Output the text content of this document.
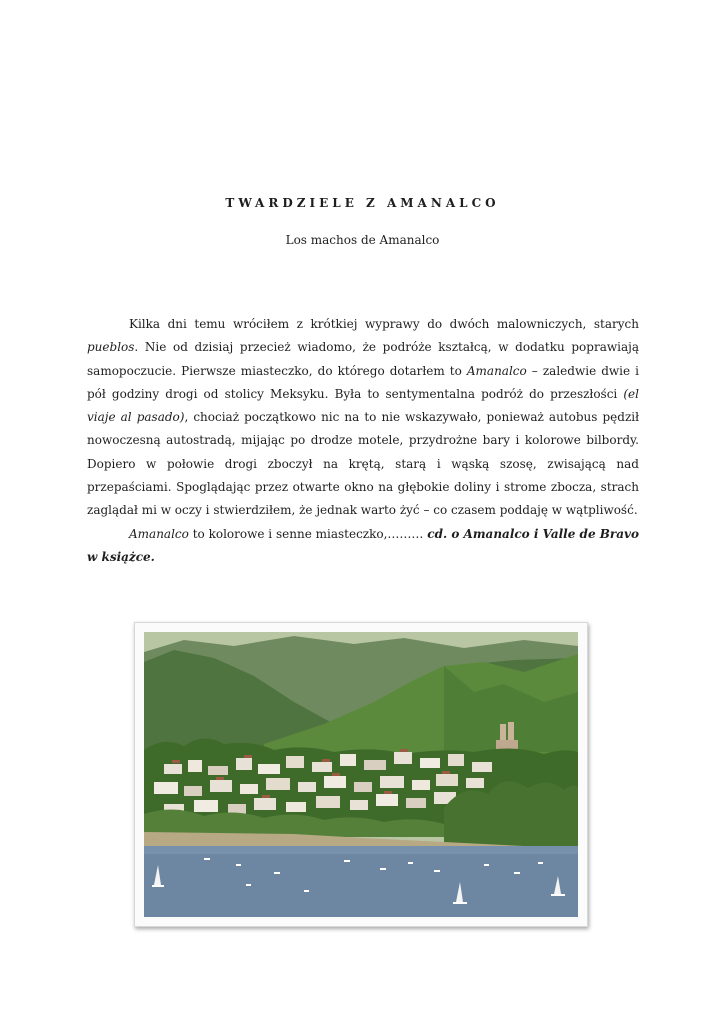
TWARDZIELE Z AMANALCO
Los machos de Amanalco

Kilka dni temu wróciłem z krótkiej wyprawy do dwóch malowniczych, starych pueblos. Nie od dzisiaj przecież wiadomo, że podróże kształcą, w dodatku poprawiają samopoczucie. Pierwsze miasteczko, do którego dotarłem to Amanalco – zaledwie dwie i pół godziny drogi od stolicy Meksyku. Była to sentymentalna podróż do przeszłości (el viaje al pasado), chociaż początkowo nic na to nie wskazywało, ponieważ autobus pędził nowoczesną autostradą, mijając po drodze motele, przydrożne bary i kolorowe bilbordy. Dopiero w połowie drogi zboczył na krętą, starą i wąską szosę, zwisającą nad przepaściami. Spoglądając przez otwarte okno na głębokie doliny i strome zbocza, strach zaglądał mi w oczy i stwierdziłem, że jednak warto żyć – co czasem poddaję w wątpliwość.

Amanalco to kolorowe i senne miasteczko,……… cd. o Amanalco i Valle de Bravo w książce.
